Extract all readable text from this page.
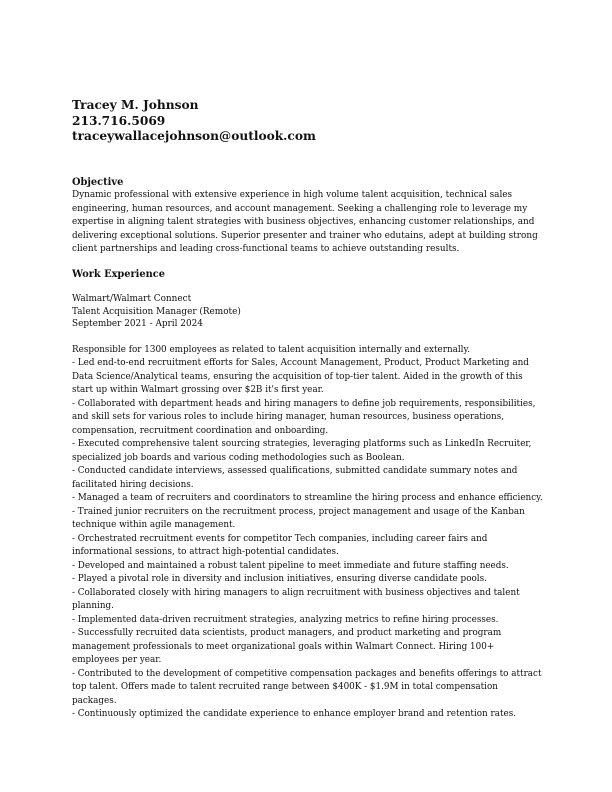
Tracey M. Johnson
213.716.5069
traceywallacejohnson@outlook.com
Objective
Dynamic professional with extensive experience in high volume talent acquisition, technical sales engineering, human resources, and account management. Seeking a challenging role to leverage my expertise in aligning talent strategies with business objectives, enhancing customer relationships, and delivering exceptional solutions. Superior presenter and trainer who edutains, adept at building strong client partnerships and leading cross-functional teams to achieve outstanding results.
Work Experience
Walmart/Walmart Connect
Talent Acquisition Manager (Remote)
September 2021 - April 2024
Responsible for 1300 employees as related to talent acquisition internally and externally.
- Led end-to-end recruitment efforts for Sales, Account Management, Product, Product Marketing and Data Science/Analytical teams, ensuring the acquisition of top-tier talent. Aided in the growth of this start up within Walmart grossing over $2B it's first year.
- Collaborated with department heads and hiring managers to define job requirements, responsibilities, and skill sets for various roles to include hiring manager, human resources, business operations, compensation, recruitment coordination and onboarding.
- Executed comprehensive talent sourcing strategies, leveraging platforms such as LinkedIn Recruiter, specialized job boards and various coding methodologies such as Boolean.
- Conducted candidate interviews, assessed qualifications, submitted candidate summary notes and facilitated hiring decisions.
- Managed a team of recruiters and coordinators to streamline the hiring process and enhance efficiency.
- Trained junior recruiters on the recruitment process, project management and usage of the Kanban technique within agile management.
- Orchestrated recruitment events for competitor Tech companies, including career fairs and informational sessions, to attract high-potential candidates.
- Developed and maintained a robust talent pipeline to meet immediate and future staffing needs.
- Played a pivotal role in diversity and inclusion initiatives, ensuring diverse candidate pools.
- Collaborated closely with hiring managers to align recruitment with business objectives and talent planning.
- Implemented data-driven recruitment strategies, analyzing metrics to refine hiring processes.
- Successfully recruited data scientists, product managers, and product marketing and program management professionals to meet organizational goals within Walmart Connect. Hiring 100+ employees per year.
- Contributed to the development of competitive compensation packages and benefits offerings to attract top talent. Offers made to talent recruited range between $400K - $1.9M in total compensation packages.
- Continuously optimized the candidate experience to enhance employer brand and retention rates.
